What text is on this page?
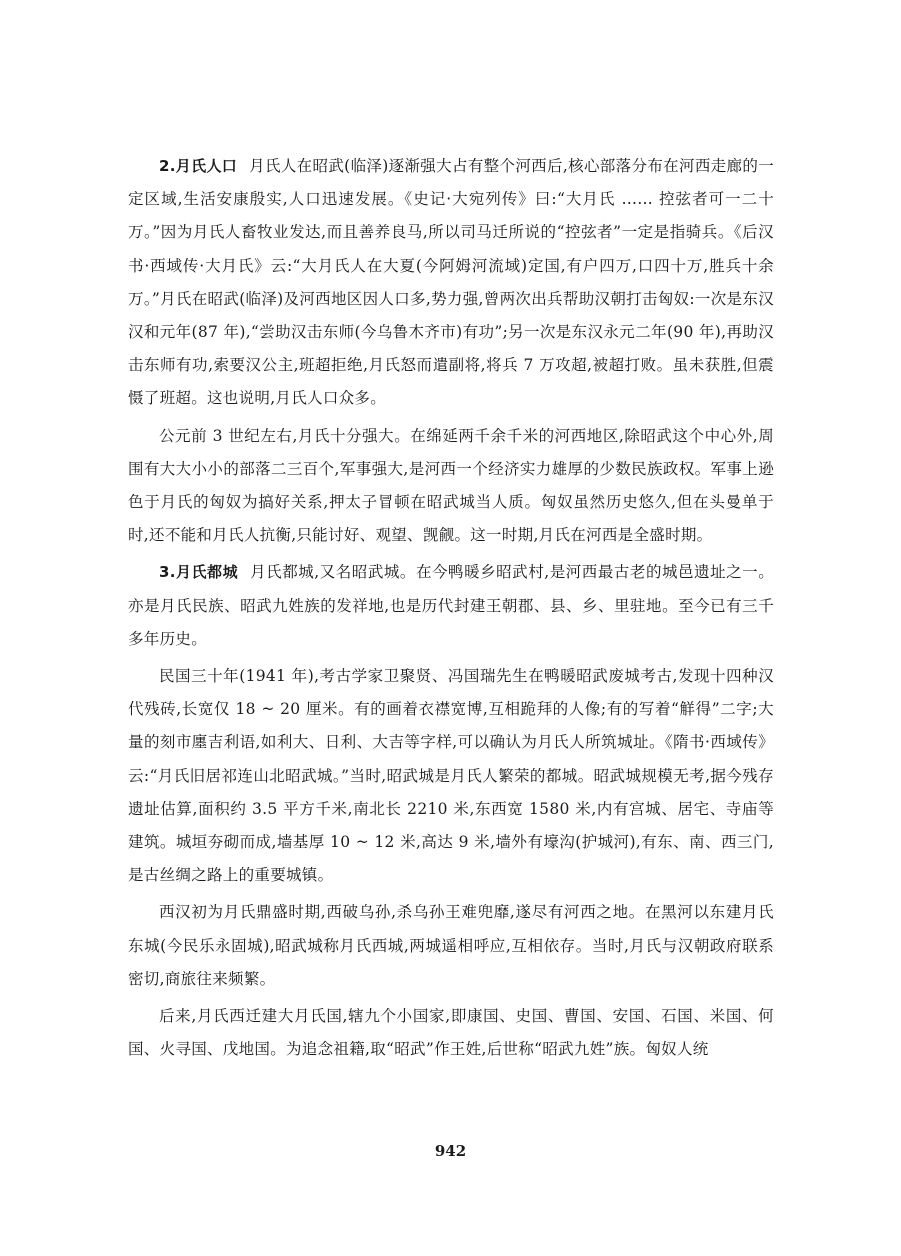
2.月氏人口 月氏人在昭武(临泽)逐渐强大占有整个河西后,核心部落分布在河西走廊的一定区域,生活安康殷实,人口迅速发展。《史记·大宛列传》曰:“大月氏 …… 控弦者可一二十万。”因为月氏人畜牧业发达,而且善养良马,所以司马迁所说的“控弦者”一定是指骑兵。《后汉书·西域传·大月氏》云:“大月氏人在大夏(今阿姆河流域)定国,有户四万,口四十万,胜兵十余万。”月氏在昭武(临泽)及河西地区因人口多,势力强,曾两次出兵帮助汉朝打击匈奴:一次是东汉汉和元年(87 年),“尝助汉击东师(今乌鲁木齐市)有功”;另一次是东汉永元二年(90 年),再助汉击东师有功,索要汉公主,班超拒绝,月氏怒而遣副将,将兵 7 万攻超,被超打败。虽未获胜,但震慑了班超。这也说明,月氏人口众多。

公元前 3 世纪左右,月氏十分强大。在绵延两千余千米的河西地区,除昭武这个中心外,周围有大大小小的部落二三百个,军事强大,是河西一个经济实力雄厚的少数民族政权。军事上逊色于月氏的匈奴为搞好关系,押太子冒顿在昭武城当人质。匈奴虽然历史悠久,但在头曼单于时,还不能和月氏人抗衡,只能讨好、观望、觊觎。这一时期,月氏在河西是全盛时期。

3.月氏都城 月氏都城,又名昭武城。在今鸭暖乡昭武村,是河西最古老的城邑遗址之一。亦是月氏民族、昭武九姓族的发祥地,也是历代封建王朝郡、县、乡、里驻地。至今已有三千多年历史。

民国三十年(1941 年),考古学家卫聚贤、冯国瑞先生在鸭暖昭武废城考古,发现十四种汉代残砖,长宽仅 18 ~ 20 厘米。有的画着衣襟宽博,互相跪拜的人像;有的写着“觧得”二字;大量的刻市廛吉利语,如利大、日利、大吉等字样,可以确认为月氏人所筑城址。《隋书·西域传》云:“月氏旧居祁连山北昭武城。”当时,昭武城是月氏人繁荣的都城。昭武城规模无考,据今残存遗址估算,面积约 3.5 平方千米,南北长 2210 米,东西宽 1580 米,内有宫城、居宅、寺庙等建筑。城垣夯砌而成,墙基厚 10 ~ 12 米,高达 9 米,墙外有壕沟(护城河),有东、南、西三门,是古丝绸之路上的重要城镇。

西汉初为月氏鼎盛时期,西破乌孙,杀乌孙王难兜靡,遂尽有河西之地。在黑河以东建月氏东城(今民乐永固城),昭武城称月氏西城,两城遥相呼应,互相依存。当时,月氏与汉朝政府联系密切,商旅往来频繁。

后来,月氏西迁建大月氏国,辖九个小国家,即康国、史国、曹国、安国、石国、米国、何国、火寻国、戊地国。为追念祖籍,取“昭武”作王姓,后世称“昭武九姓”族。匈奴人统

942
